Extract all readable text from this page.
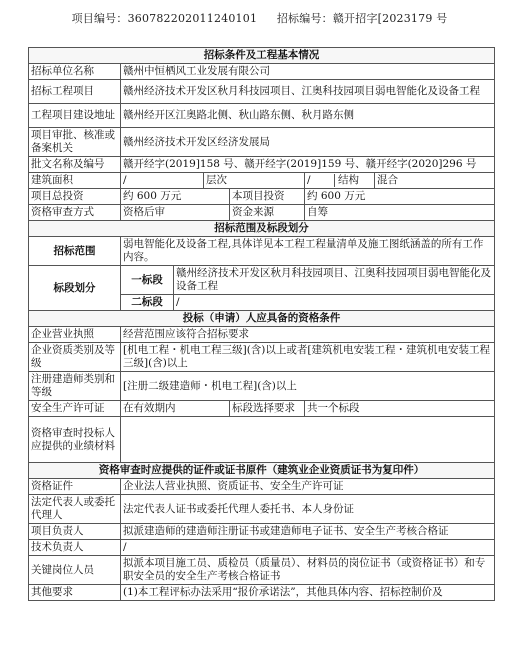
项目编号：360782202011240101 招标编号：赣开招字[2023179 号
招标条件及工程基本情况						
招标单位名称	赣州中恒栖风工业发展有限公司					
招标工程项目	赣州经济技术开发区秋月科技园项目、江奥科技园项目弱电智能化及设备工程					
工程项目建设地址	赣州经开区江奥路北侧、秋山路东侧、秋月路东侧					
项目审批、核准或备案机关	赣州经济技术开发区经济发展局					
批文名称及编号	赣开经字(2019]158 号、赣开经字(2019]159 号、赣开经字(2020]296 号					
建筑面积	/		层次		/ 结构	混合
项目总投资	约 600 万元			本项目投资	约 600 万元	
资格审查方式	资格后审			资金来源	自筹	
招标范围及标段划分						
招标范围	弱电智能化及设备工程,具体详见本工程工程量清单及施工图纸涵盖的所有工作内容。					
标段划分	一标段	赣州经济技术开发区秋月科技园项目、江奥科技园项目弱电智能化及设备工程				
	二标段	/				
投标（申请）人应具备的资格条件						
企业营业执照	经营范围应该符合招标要求					
企业资质类别及等级	[机电工程・机电工程三级](含)以上或者[建筑机电安装工程・建筑机电安装工程三级](含)以上					
注册建造师类别和等级	[注册二级建造师・机电工程](含)以上					
安全生产许可证	在有效期内			标段选择要求	共一个标段	
资格审查时投标人应提供的业绩材料						
资格审查时应提供的证件或证书原件（建筑业企业资质证书为复印件）						
资格证件	企业法人营业执照、资质证书、安全生产许可证					
法定代表人或委托代理人	法定代表人证书或委托代理人委托书、本人身份证					
项目负责人	拟派建造师的建造师注册证书或建造师电子证书、安全生产考核合格证					
技术负责人	/					
关键岗位人员	拟派本项目施工员、质检员（质量员）、材料员的岗位证书（或资格证书）和专职安全员的安全生产考核合格证书					
其他要求	(1)本工程评标办法采用“报价承诺法”，其他具体内容、招标控制价及					
